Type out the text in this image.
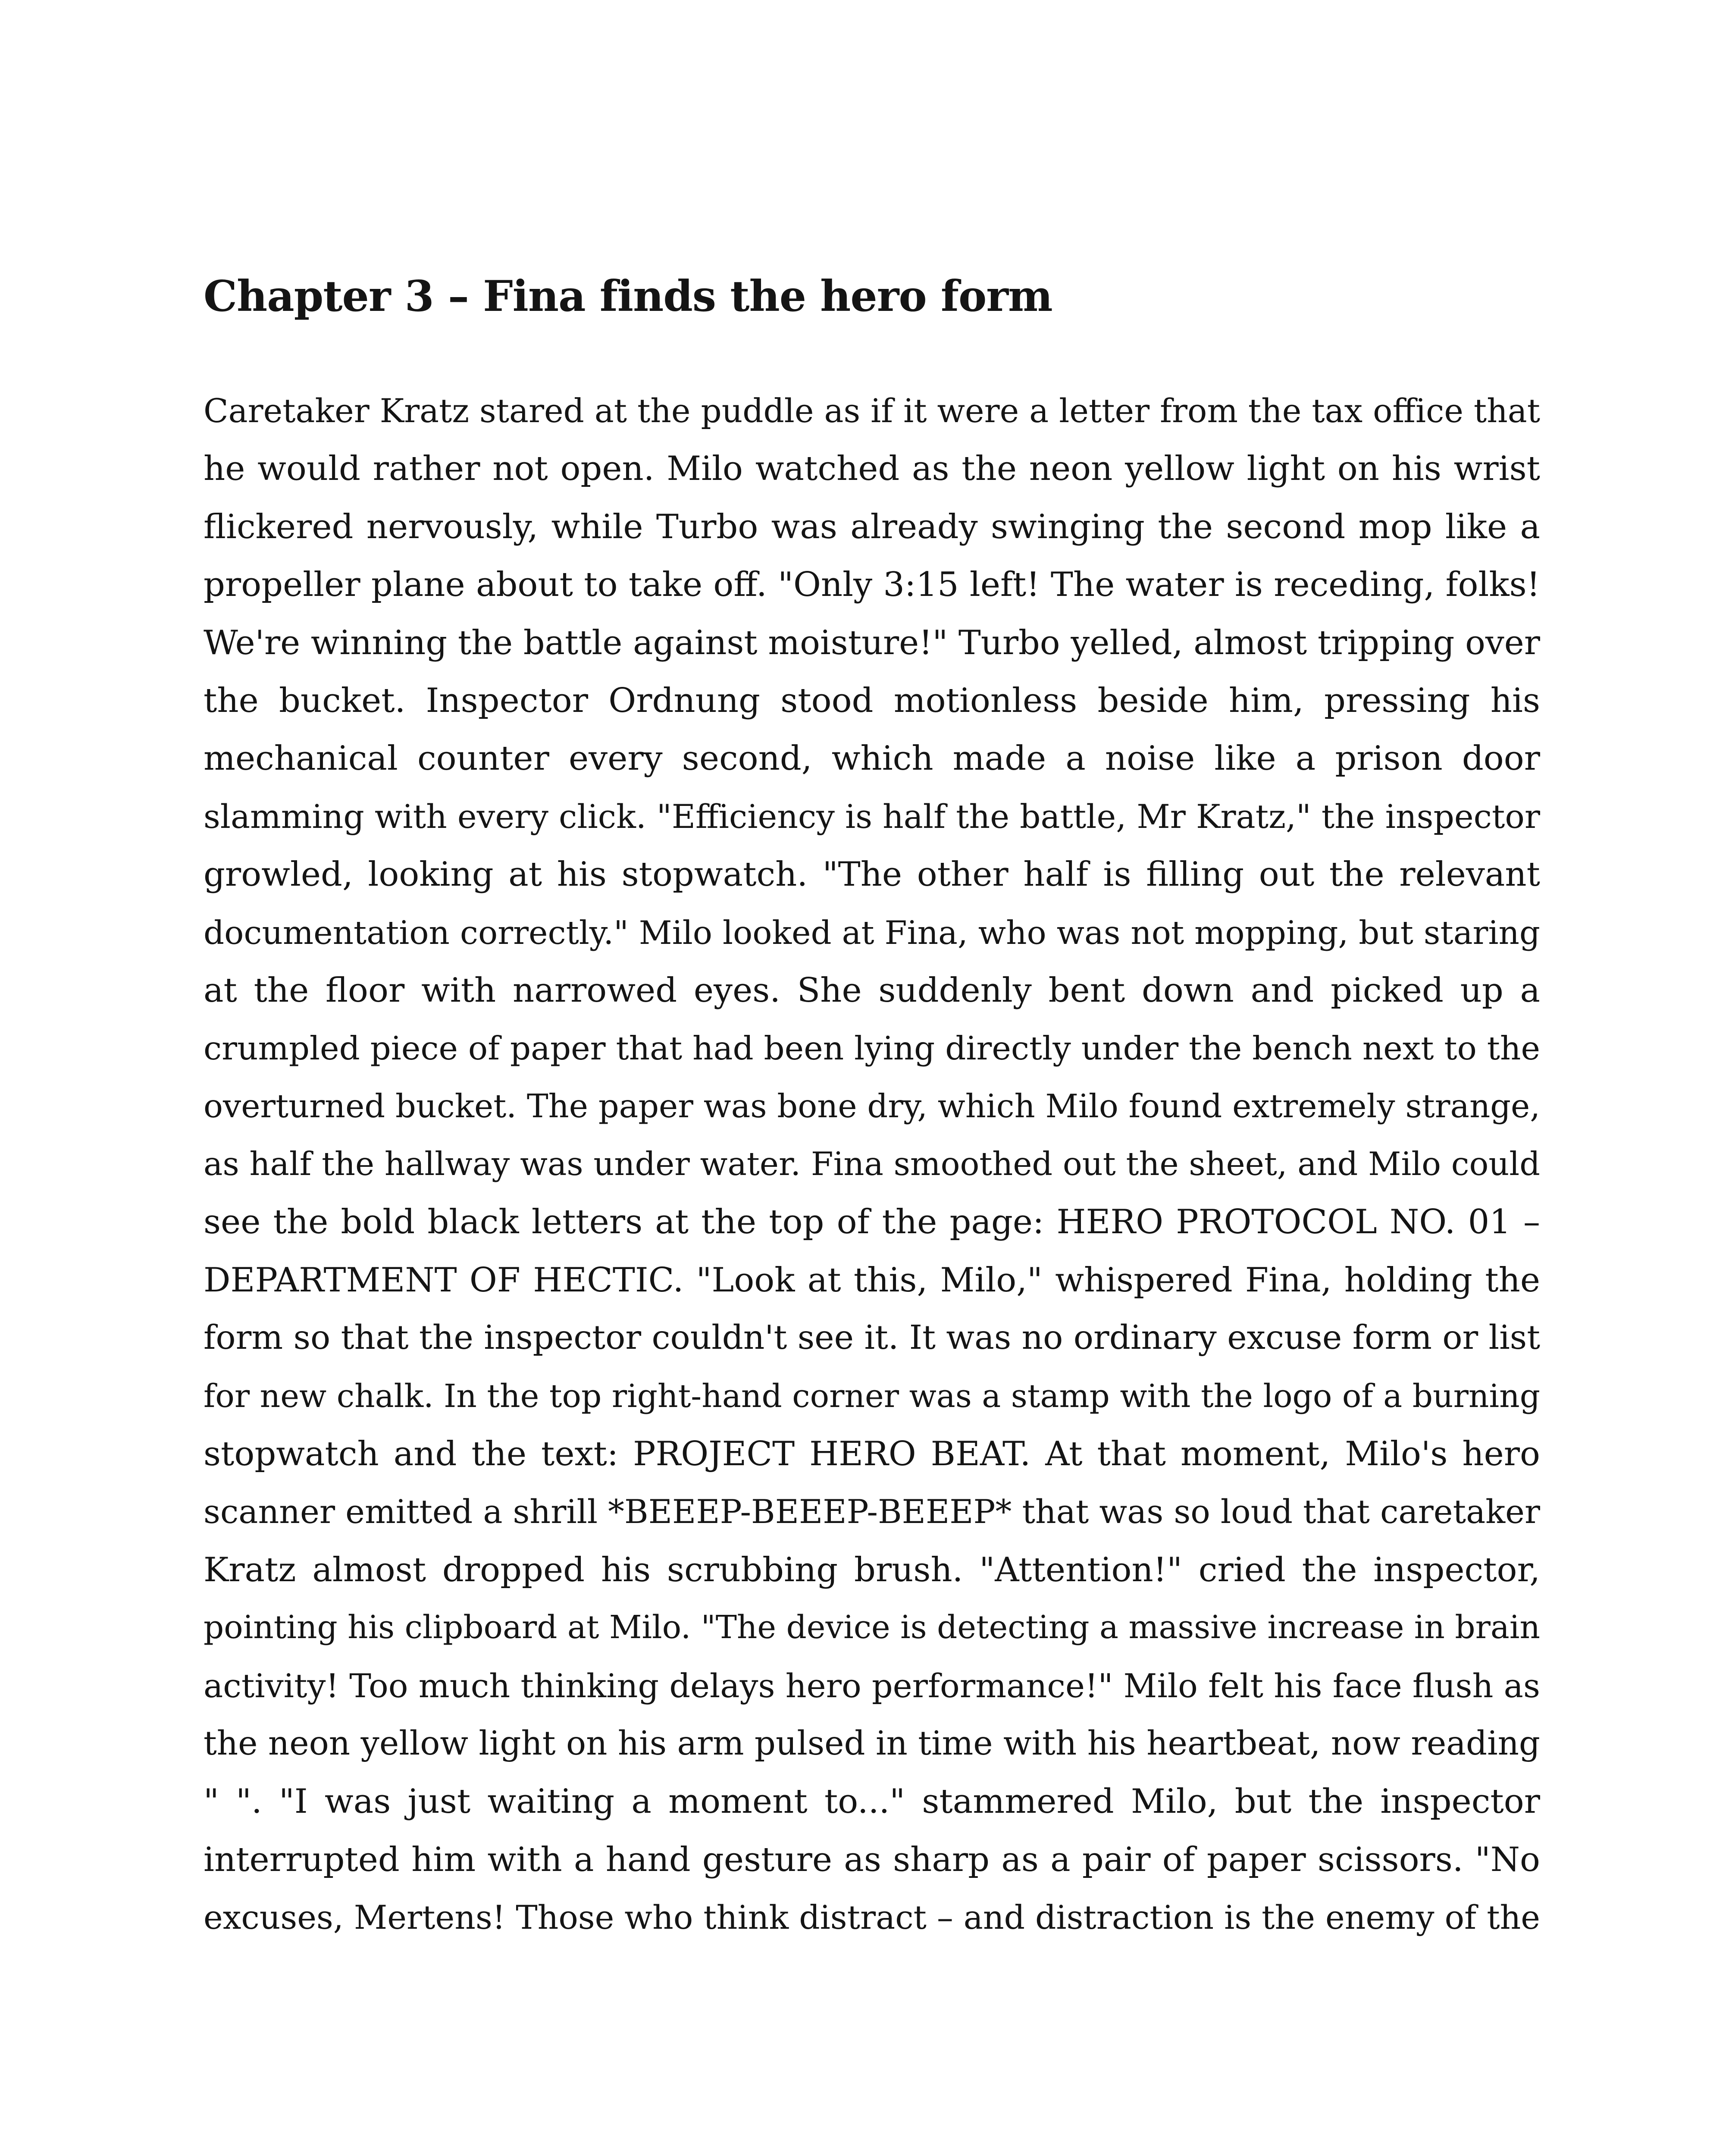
Chapter 3 – Fina finds the hero form
Caretaker Kratz stared at the puddle as if it were a letter from the tax office that
he would rather not open. Milo watched as the neon yellow light on his wrist
flickered nervously, while Turbo was already swinging the second mop like a
propeller plane about to take off. "Only 3:15 left! The water is receding, folks!
We're winning the battle against moisture!" Turbo yelled, almost tripping over
the bucket. Inspector Ordnung stood motionless beside him, pressing his
mechanical counter every second, which made a noise like a prison door
slamming with every click. "Efficiency is half the battle, Mr Kratz," the inspector
growled, looking at his stopwatch. "The other half is filling out the relevant
documentation correctly." Milo looked at Fina, who was not mopping, but staring
at the floor with narrowed eyes. She suddenly bent down and picked up a
crumpled piece of paper that had been lying directly under the bench next to the
overturned bucket. The paper was bone dry, which Milo found extremely strange,
as half the hallway was under water. Fina smoothed out the sheet, and Milo could
see the bold black letters at the top of the page: HERO PROTOCOL NO. 01 –
DEPARTMENT OF HECTIC. "Look at this, Milo," whispered Fina, holding the
form so that the inspector couldn't see it. It was no ordinary excuse form or list
for new chalk. In the top right-hand corner was a stamp with the logo of a burning
stopwatch and the text: PROJECT HERO BEAT. At that moment, Milo's hero
scanner emitted a shrill *BEEEP-BEEEP-BEEEP* that was so loud that caretaker
Kratz almost dropped his scrubbing brush. "Attention!" cried the inspector,
pointing his clipboard at Milo. "The device is detecting a massive increase in brain
activity! Too much thinking delays hero performance!" Milo felt his face flush as
the neon yellow light on his arm pulsed in time with his heartbeat, now reading
" ". "I was just waiting a moment to..." stammered Milo, but the inspector
interrupted him with a hand gesture as sharp as a pair of paper scissors. "No
excuses, Mertens! Those who think distract – and distraction is the enemy of the
